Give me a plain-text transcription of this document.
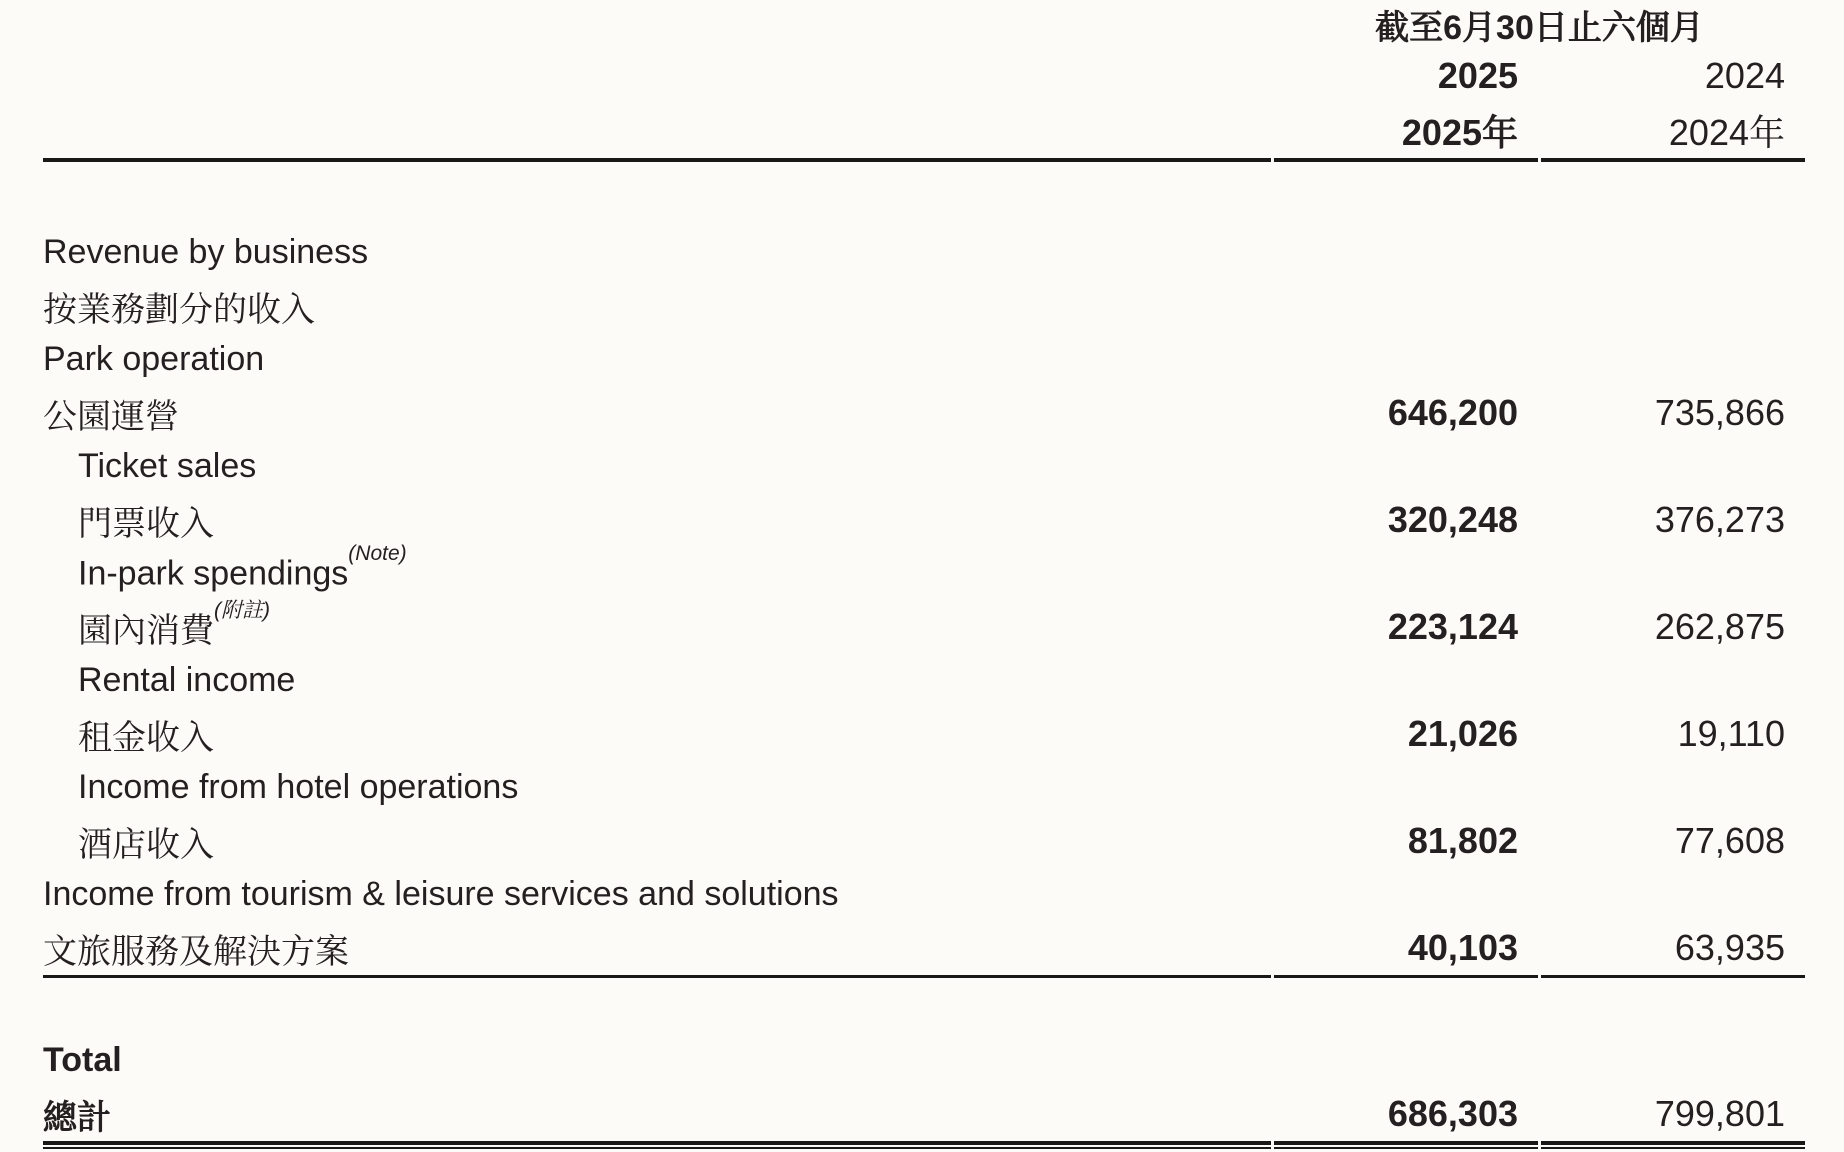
	截至6月30日止六個月	
	2025	2024
	2025年	2024年

Revenue by business		
按業務劃分的收入		
Park operation		
公園運營	646,200	735,866
Ticket sales		
門票收入	320,248	376,273
In-park spendings$^{(Note)}$		
園內消費$^{(附註)}$	223,124	262,875
Rental income		
租金收入	21,026	19,110
Income from hotel operations		
酒店收入	81,802	77,608
Income from tourism & leisure services and solutions		
文旅服務及解決方案	40,103	63,935

Total		
總計	686,303	799,801
